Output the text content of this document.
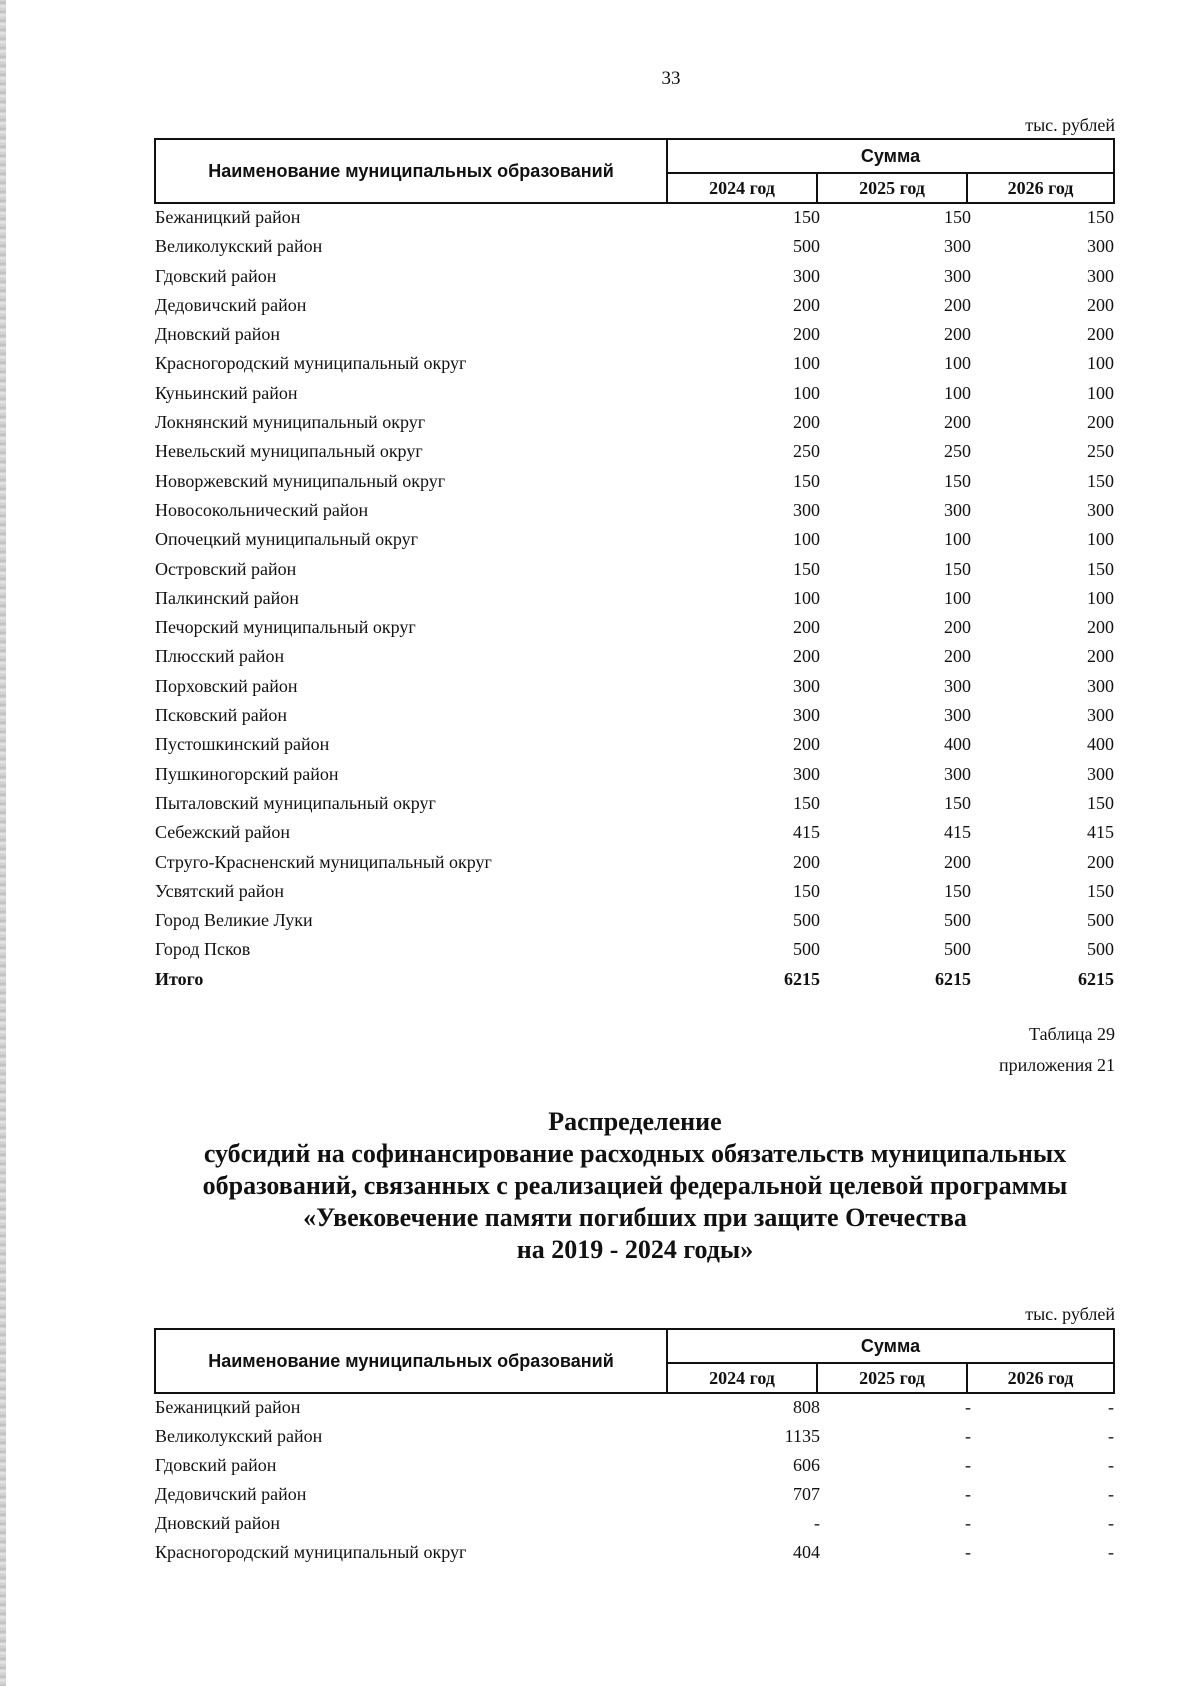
33
тыс. рублей
Наименование муниципальных образований
Сумма
2024 год	2025 год	2026 год
Бежаницкий район	150	150	150
Великолукский район	500	300	300
Гдовский район	300	300	300
Дедовичский район	200	200	200
Дновский район	200	200	200
Красногородский муниципальный округ	100	100	100
Куньинский район	100	100	100
Локнянский муниципальный округ	200	200	200
Невельский муниципальный округ	250	250	250
Новоржевский муниципальный округ	150	150	150
Новосокольнический район	300	300	300
Опочецкий муниципальный округ	100	100	100
Островский район	150	150	150
Палкинский район	100	100	100
Печорский муниципальный округ	200	200	200
Плюсский район	200	200	200
Порховский район	300	300	300
Псковский район	300	300	300
Пустошкинский район	200	400	400
Пушкиногорский район	300	300	300
Пыталовский муниципальный округ	150	150	150
Себежский район	415	415	415
Струго-Красненский муниципальный округ	200	200	200
Усвятский район	150	150	150
Город Великие Луки	500	500	500
Город Псков	500	500	500
Итого	6215	6215	6215
Таблица 29
приложения 21
Распределение
субсидий на софинансирование расходных обязательств муниципальных
образований, связанных с реализацией федеральной целевой программы
«Увековечение памяти погибших при защите Отечества
на 2019 - 2024 годы»
тыс. рублей
Наименование муниципальных образований
Сумма
2024 год	2025 год	2026 год
Бежаницкий район	808	-	-
Великолукский район	1135	-	-
Гдовский район	606	-	-
Дедовичский район	707	-	-
Дновский район	-	-	-
Красногородский муниципальный округ	404	-	-
